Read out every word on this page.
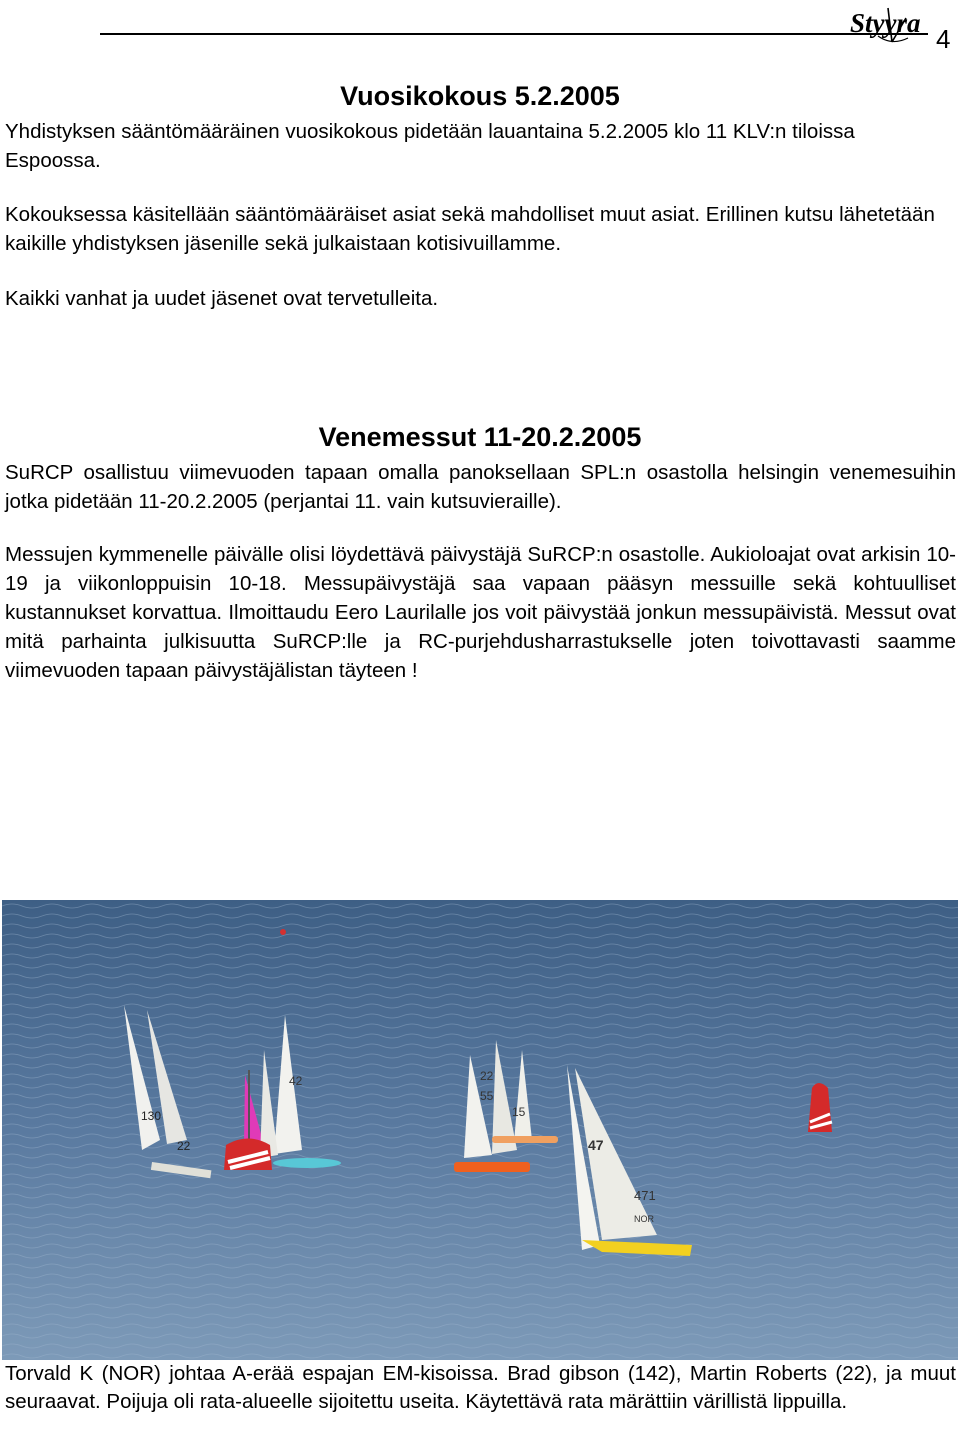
Styyra
4
Vuosikokous 5.2.2005

Yhdistyksen sääntömääräinen vuosikokous pidetään lauantaina 5.2.2005 klo 11 KLV:n tiloissa Espoossa.

Kokouksessa käsitellään sääntömääräiset asiat sekä mahdolliset muut asiat. Erillinen kutsu lähetetään kaikille yhdistyksen jäsenille sekä julkaistaan kotisivuillamme.

Kaikki vanhat ja uudet jäsenet ovat tervetulleita.

Venemessut 11-20.2.2005

SuRCP osallistuu viimevuoden tapaan omalla panoksellaan SPL:n osastolla helsingin venemesuihin jotka pidetään 11-20.2.2005 (perjantai 11. vain kutsuvieraille).

Messujen kymmenelle päivälle olisi löydettävä päivystäjä SuRCP:n osastolle. Aukioloajat ovat arkisin 10-19 ja viikonloppuisin 10-18. Messupäivystäjä saa vapaan pääsyn messuille sekä kohtuulliset kustannukset korvattua. Ilmoittaudu Eero Laurilalle jos voit päivystää jonkun messupäivistä. Messut ovat mitä parhainta julkisuutta SuRCP:lle ja RC-purjehdusharrastukselle joten toivottavasti saamme viimevuoden tapaan päivystäjälistan täyteen !

130
22
42	22
55
15
47
471
NOR

Torvald K (NOR) johtaa A-erää espajan EM-kisoissa. Brad gibson (142), Martin Roberts (22), ja muut seuraavat. Poijuja oli rata-alueelle sijoitettu useita. Käytettävä rata märättiin värillistä lippuilla.
